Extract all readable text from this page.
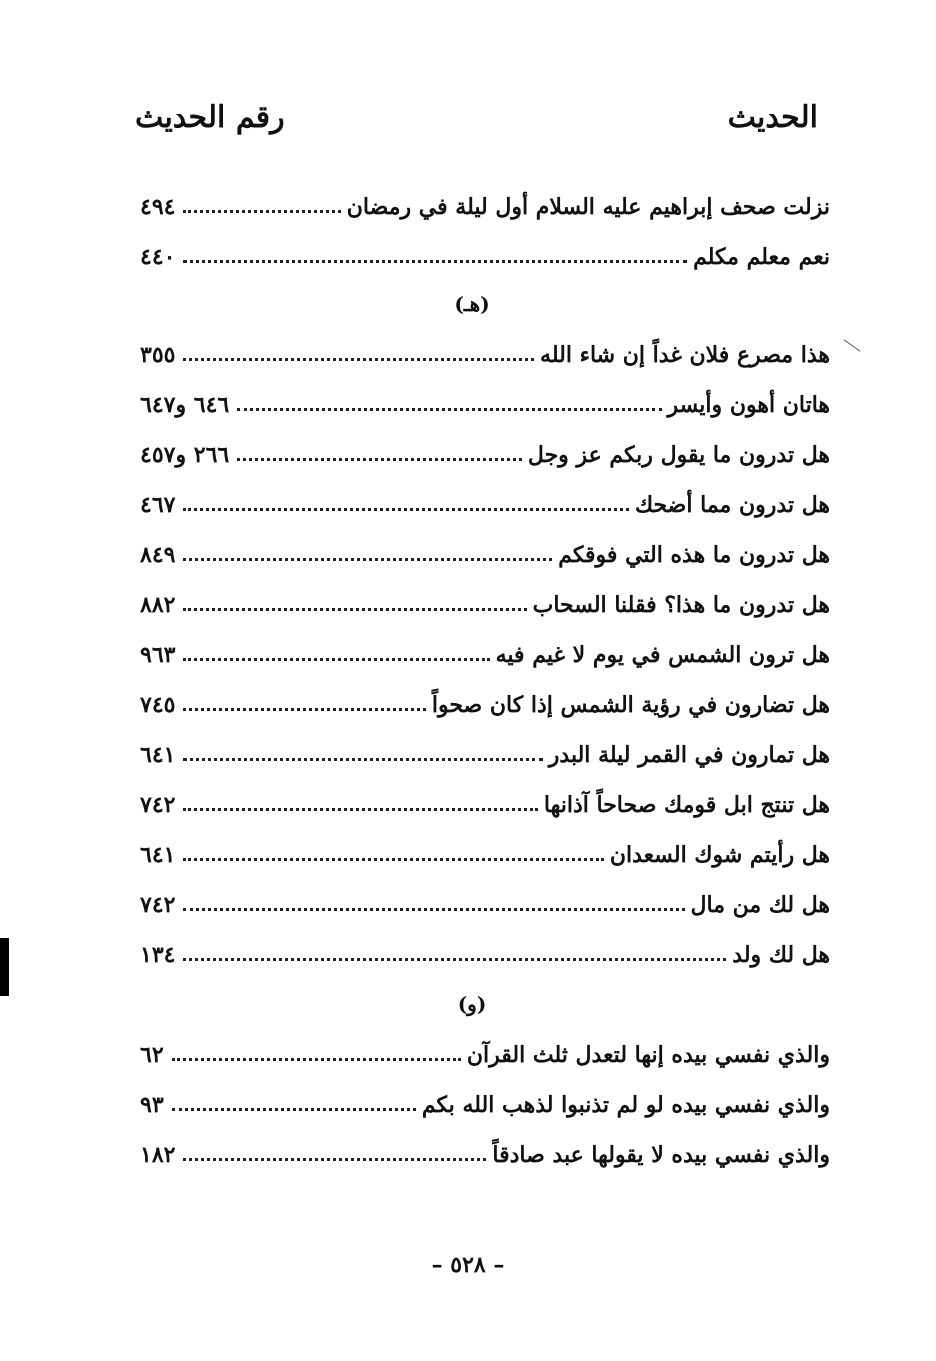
الحديث
رقم الحديث
نزلت صحف إبراهيم عليه السلام أول ليلة في رمضان
٤٩٤
نعم معلم مكلم
٤٤٠
(هـ)
هذا مصرع فلان غداً إن شاء الله
٣٥٥
هاتان أهون وأيسر
٦٤٦ و٦٤٧
هل تدرون ما يقول ربكم عز وجل
٢٦٦ و٤٥٧
هل تدرون مما أضحك
٤٦٧
هل تدرون ما هذه التي فوقكم
٨٤٩
هل تدرون ما هذا؟ فقلنا السحاب
٨٨٢
هل ترون الشمس في يوم لا غيم فيه
٩٦٣
هل تضارون في رؤية الشمس إذا كان صحواً
٧٤٥
هل تمارون في القمر ليلة البدر
٦٤١
هل تنتج ابل قومك صحاحاً آذانها
٧٤٢
هل رأيتم شوك السعدان
٦٤١
هل لك من مال
٧٤٢
هل لك ولد
١٣٤
(و)
والذي نفسي بيده إنها لتعدل ثلث القرآن
٦٢
والذي نفسي بيده لو لم تذنبوا لذهب الله بكم
٩٣
والذي نفسي بيده لا يقولها عبد صادقاً
١٨٢
– ٥٢٨ –
